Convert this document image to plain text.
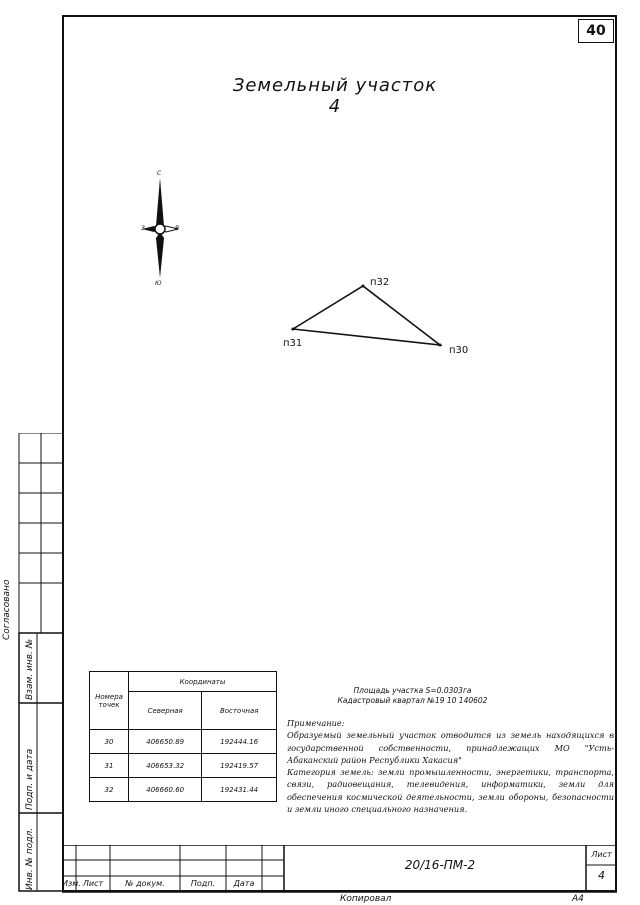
40
Земельный участок 4
С
Ю
З	В
п30
п31
п32
Площадь участка S=0.0303га
Кадастровый квартал №19 10 140602
Номера точек	Координаты	
	Северная	Восточная
30	406650.89	192444.16
31	406653.32	192419.57
32	406660.60	192431.44

Примечание:

Образуемый земельный участок отводится из земель находящихся в государственной собственности, принадлежащих МО "Усть-Абаканский район Республики Хакасия"

Категория земель: земли промышленности, энергетики, транспорта, связи, радиовещания, телевидения, информатики, земли для обеспечения космической деятельности, земли обороны, безопасности и земли иного специального назначения.

Согласовано
Взам. инв. №
Подп. и дата
Инв. № подл.	Изм. Лист	№ докум.	Подп.	Дата
20/16-ПМ-2
Лист
4
Копировал	А4
